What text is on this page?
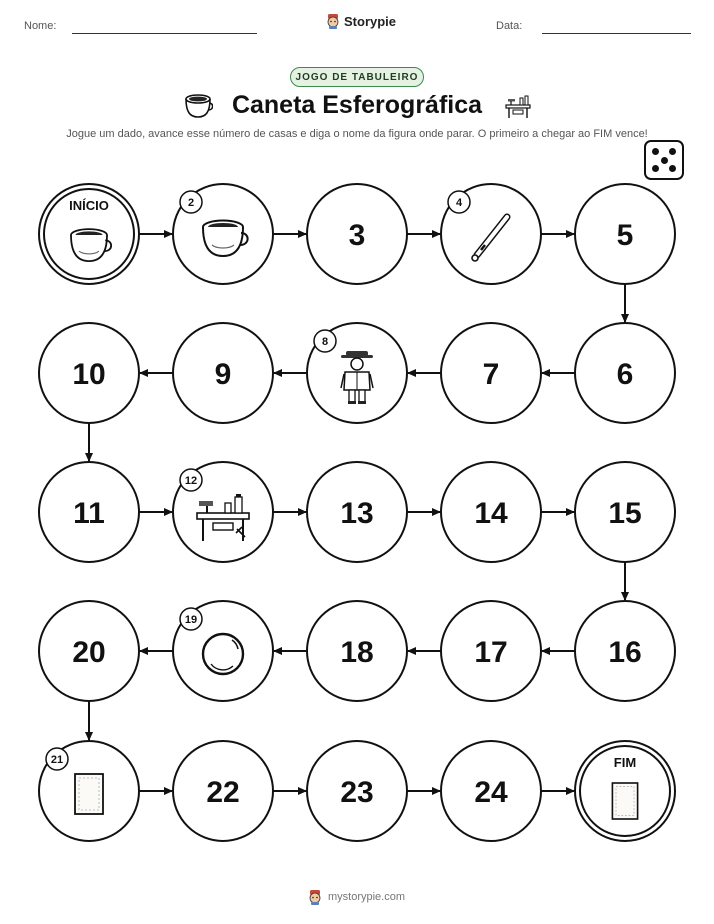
Nome:	Storypie	Data:
JOGO DE TABULEIRO
Caneta Esferográfica
Jogue um dado, avance esse número de casas e diga o nome da figura onde parar. O primeiro a chegar ao FIM vence!
INÍCIO	2
3
4
5
6
7
8
9
10
11
12
13	14	15
16
17
18
19
20
21
22	23	24
FIM
mystorypie.com
